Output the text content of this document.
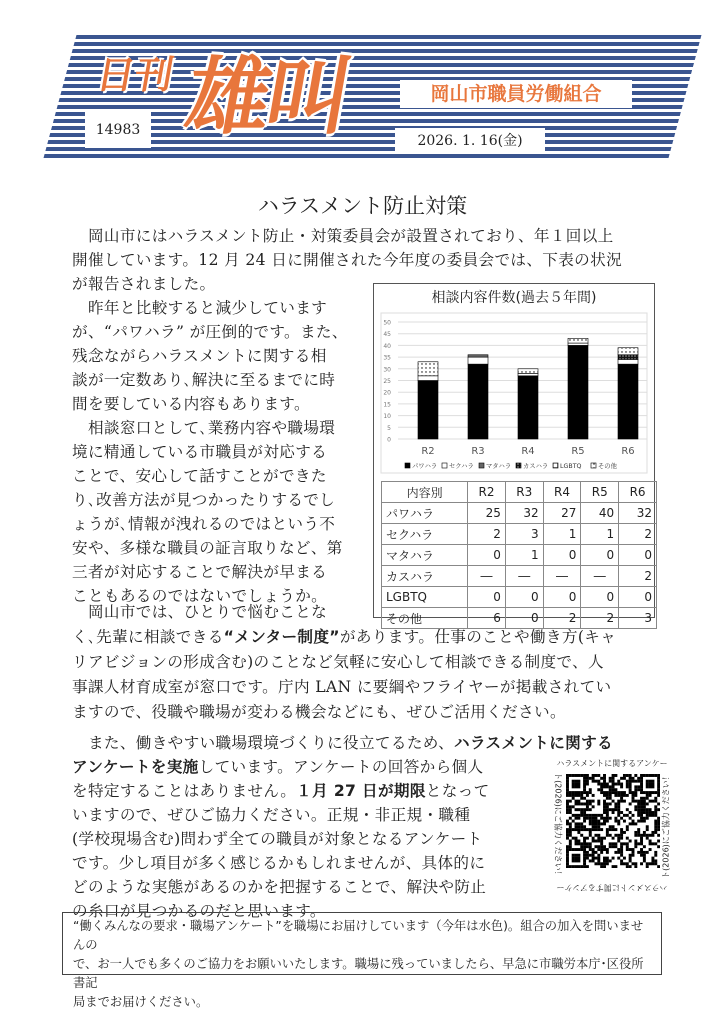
日刊 雄叫	岡山市職員労働組合
14983
2026. 1. 16(金)
ハラスメント防止対策
　岡山市にはハラスメント防止・対策委員会が設置されており、年１回以上
開催しています。12 月 24 日に開催された今年度の委員会では、下表の状況
が報告されました。
　昨年と比較すると減少しています
が、“パワハラ” が圧倒的です。また、
残念ながらハラスメントに関する相
談が一定数あり､解決に至るまでに時
間を要している内容もあります。
　相談窓口として､業務内容や職場環
境に精通している市職員が対応する
ことで、安心して話すことができた
り､改善方法が見つかったりするでし
ょうが､情報が洩れるのではという不
安や、多様な職員の証言取りなど、第
三者が対応することで解決が早まる
こともあるのではないでしょうか。
　岡山市では、ひとりで悩むことな
く､先輩に相談できる“メンター制度”があります。仕事のことや働き方(キャ
リアビジョンの形成含む)のことなど気軽に安心して相談できる制度で、人
事課人材育成室が窓口です。庁内 LAN に要綱やフライヤーが掲載されてい
ますので、役職や職場が変わる機会などにも、ぜひご活用ください。
　また、働きやすい職場環境づくりに役立てるため、ハラスメントに関する
アンケートを実施しています。アンケートの回答から個人
を特定することはありません。１月 27 日が期限となって
いますので、ぜひご協力ください。正規・非正規・職種
(学校現場含む)問わず全ての職員が対象となるアンケート
です。少し項目が多く感じるかもしれませんが、具体的に
どのような実態があるのかを把握することで、解決や防止
の糸口が見つかるのだと思います。
相談内容件数(過去５年間)
0
5
10
15
20
25
30
35
40
45
50
R2	R3	R4	R5	R6
パワハラ セクハラ マタハラ カスハラ LGBTQ	その他
内容別	R2	R3	R4	R5	R6
パワハラ	25	32	27	40	32
セクハラ	2	3	1	1	2
マタハラ	0	1	0	0	0
カスハラ	―	―	―	―	2
LGBTQ	0	0	0	0	0
その他	6	0	2	2	3
ハラスメントに関するアンケー
ハラスメントに関するアンケー
ト(2026)にご協力ください！	ト(2026)にご協力ください！
“働くみんなの要求・職場アンケート”を職場にお届けしています（今年は水色)。組合の加入を問いませんの
で、お一人でも多くのご協力をお願いいたします。職場に残っていましたら、早急に市職労本庁･区役所書記
局までお届けください。
